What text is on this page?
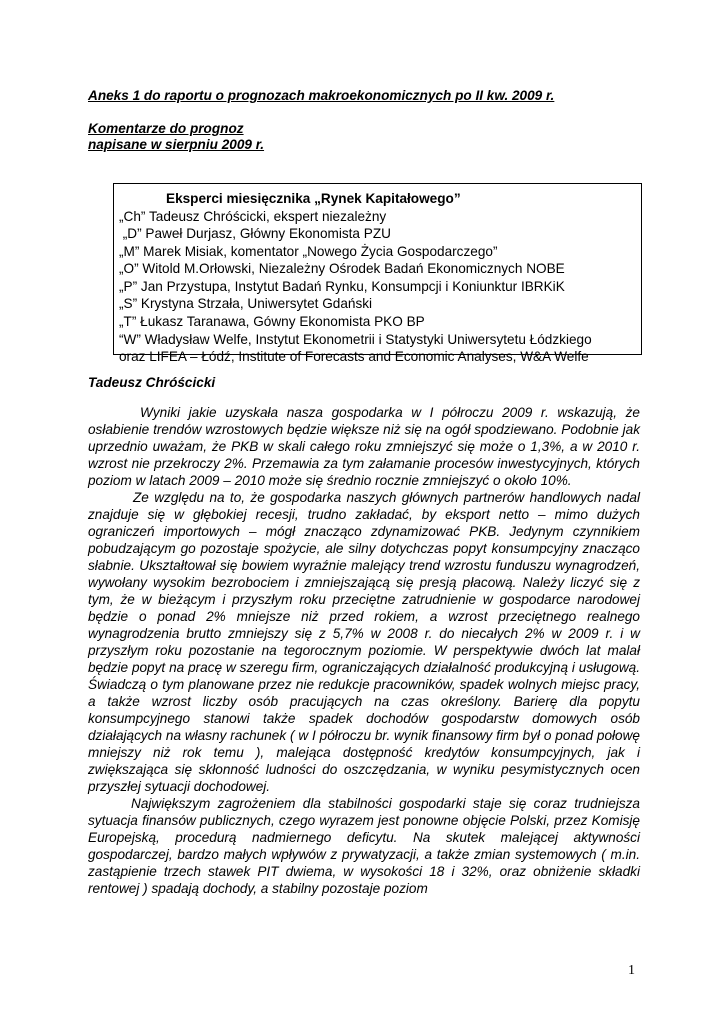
Aneks 1 do raportu o prognozach makroekonomicznych po II kw. 2009 r.

Komentarze do prognoz

napisane w sierpniu 2009 r.

Eksperci miesięcznika „Rynek Kapitałowego”

„Ch” Tadeusz Chróścicki, ekspert niezależny
„D” Paweł Durjasz, Główny Ekonomista PZU
„M” Marek Misiak, komentator „Nowego Życia Gospodarczego”
„O” Witold M.Orłowski, Niezależny Ośrodek Badań Ekonomicznych NOBE
„P” Jan Przystupa, Instytut Badań Rynku, Konsumpcji i Koniunktur IBRKiK
„S” Krystyna Strzała, Uniwersytet Gdański
„T” Łukasz Taranawa, Gówny Ekonomista PKO BP
“W” Władysław Welfe, Instytut Ekonometrii i Statystyki Uniwersytetu Łódzkiego
oraz LIFEA – Łódź, Institute of Forecasts and Economic Analyses, W&A Welfe

Tadeusz Chróścicki

Wyniki jakie uzyskała nasza gospodarka w I półroczu 2009 r. wskazują, że osłabienie trendów wzrostowych będzie większe niż się na ogół spodziewano. Podobnie jak uprzednio uważam, że PKB w skali całego roku zmniejszyć się może o 1,3%, a w 2010 r. wzrost nie przekroczy 2%. Przemawia za tym załamanie procesów inwestycyjnych, których poziom w latach 2009 – 2010 może się średnio rocznie zmniejszyć o około 10%.

Ze względu na to, że gospodarka naszych głównych partnerów handlowych nadal znajduje się w głębokiej recesji, trudno zakładać, by eksport netto – mimo dużych ograniczeń importowych – mógł znacząco zdynamizować PKB. Jedynym czynnikiem pobudzającym go pozostaje spożycie, ale silny dotychczas popyt konsumpcyjny znacząco słabnie. Ukształtował się bowiem wyraźnie malejący trend wzrostu funduszu wynagrodzeń, wywołany wysokim bezrobociem i zmniejszającą się presją płacową. Należy liczyć się z tym, że w bieżącym i przyszłym roku przeciętne zatrudnienie w gospodarce narodowej będzie o ponad 2% mniejsze niż przed rokiem, a wzrost przeciętnego realnego wynagrodzenia brutto zmniejszy się z 5,7% w 2008 r. do niecałych 2% w 2009 r. i w przyszłym roku pozostanie na tegorocznym poziomie. W perspektywie dwóch lat malał będzie popyt na pracę w szeregu firm, ograniczających działalność produkcyjną i usługową. Świadczą o tym planowane przez nie redukcje pracowników, spadek wolnych miejsc pracy, a także wzrost liczby osób pracujących na czas określony. Barierę dla popytu konsumpcyjnego stanowi także spadek dochodów gospodarstw domowych osób działających na własny rachunek ( w I półroczu br. wynik finansowy firm był o ponad połowę mniejszy niż rok temu ), malejąca dostępność kredytów konsumpcyjnych, jak i zwiększająca się skłonność ludności do oszczędzania, w wyniku pesymistycznych ocen przyszłej sytuacji dochodowej.

Największym zagrożeniem dla stabilności gospodarki staje się coraz trudniejsza sytuacja finansów publicznych, czego wyrazem jest ponowne objęcie Polski, przez Komisję Europejską, procedurą nadmiernego deficytu. Na skutek malejącej aktywności gospodarczej, bardzo małych wpływów z prywatyzacji, a także zmian systemowych ( m.in. zastąpienie trzech stawek PIT dwiema, w wysokości 18 i 32%, oraz obniżenie składki rentowej ) spadają dochody, a stabilny pozostaje poziom

1
